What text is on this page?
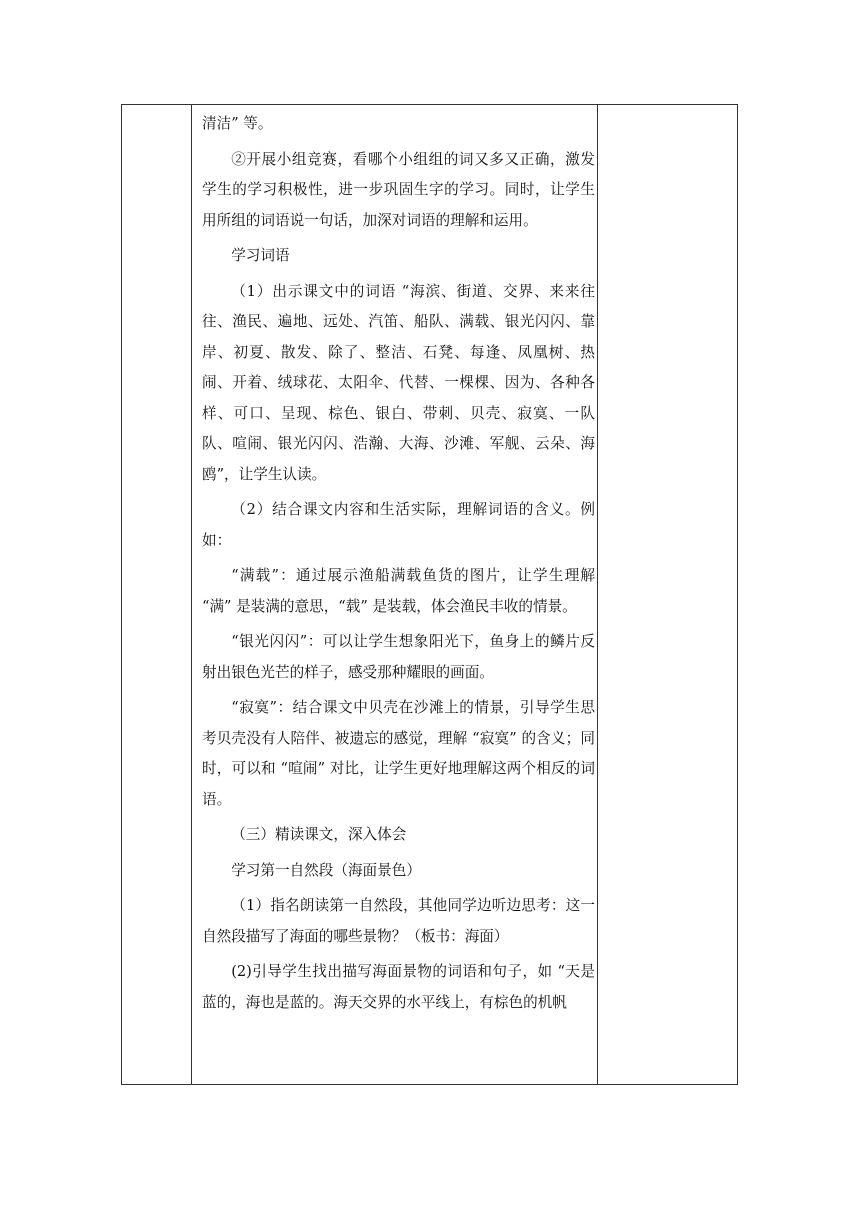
清洁” 等。

②开展小组竞赛，看哪个小组组的词又多又正确，激发学生的学习积极性，进一步巩固生字的学习。同时，让学生用所组的词语说一句话，加深对词语的理解和运用。

学习词语

（1）出示课文中的词语 “海滨、街道、交界、来来往往、渔民、遍地、远处、汽笛、船队、满载、银光闪闪、靠岸、初夏、散发、除了、整洁、石凳、每逢、凤凰树、热闹、开着、绒球花、太阳伞、代替、一棵棵、因为、各种各样、可口、呈现、棕色、银白、带刺、贝壳、寂寞、一队队、喧闹、银光闪闪、浩瀚、大海、沙滩、军舰、云朵、海鸥”，让学生认读。

（2）结合课文内容和生活实际，理解词语的含义。例如：

“满载”：通过展示渔船满载鱼货的图片，让学生理解 “满” 是装满的意思，“载” 是装载，体会渔民丰收的情景。

“银光闪闪”：可以让学生想象阳光下，鱼身上的鳞片反射出银色光芒的样子，感受那种耀眼的画面。

“寂寞”：结合课文中贝壳在沙滩上的情景，引导学生思考贝壳没有人陪伴、被遗忘的感觉，理解 “寂寞” 的含义；同时，可以和 “喧闹” 对比，让学生更好地理解这两个相反的词语。

（三）精读课文，深入体会

学习第一自然段（海面景色）

（1）指名朗读第一自然段，其他同学边听边思考：这一自然段描写了海面的哪些景物？（板书：海面）

(2)引导学生找出描写海面景物的词语和句子，如 “天是蓝的，海也是蓝的。海天交界的水平线上，有棕色的机帆
